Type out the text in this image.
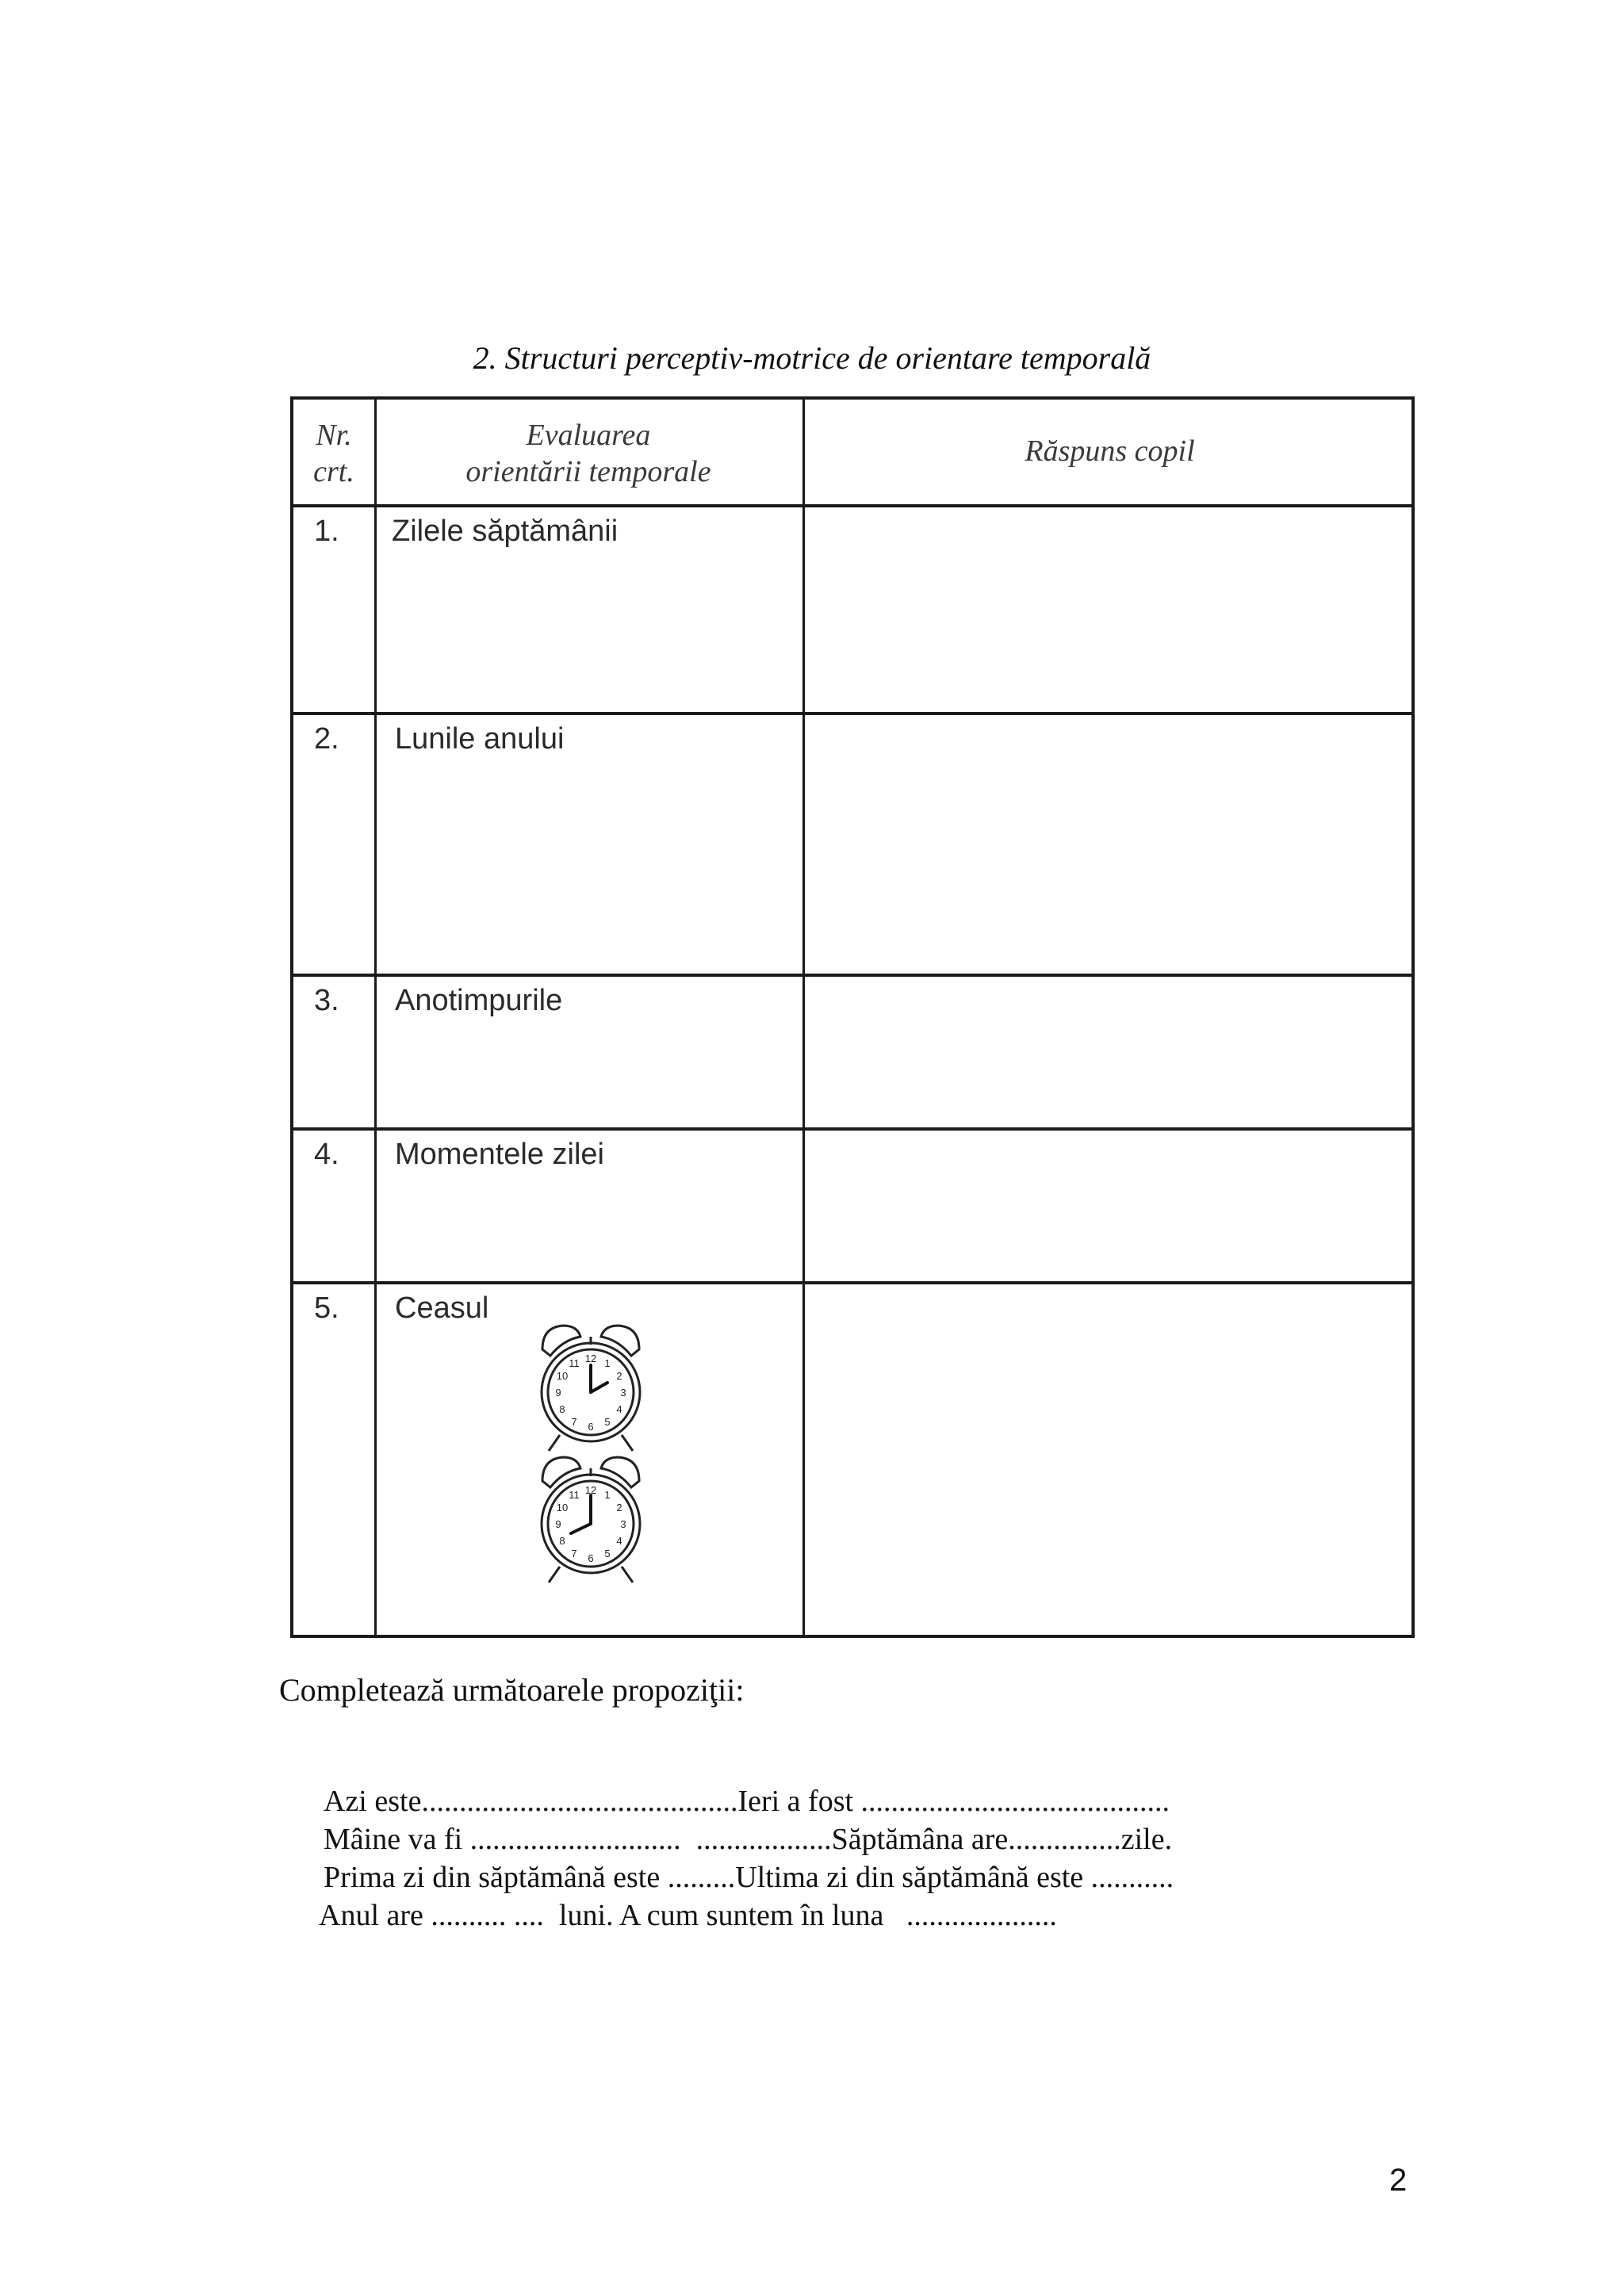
2. Structuri perceptiv-motrice de orientare temporală
Nr.
crt.
Evaluarea
orientării temporale
Răspuns copil
1. Zilele săptămânii
2. Lunile anului
3. Anotimpurile
4. Momentele zilei
5. Ceasul
12 1
2
3
4
5
6
7
8
9
10
11
12 1
2
3
4
5
6
7
8
9
10
11
Completează următoarele propoziţii:
Azi este..........................................Ieri a fost .........................................
Mâine va fi ............................  ..................Săptămâna are...............zile.
Prima zi din săptămână este .........Ultima zi din săptămână este ...........
Anul are .......... ....  luni. A cum suntem în luna   ....................
2
